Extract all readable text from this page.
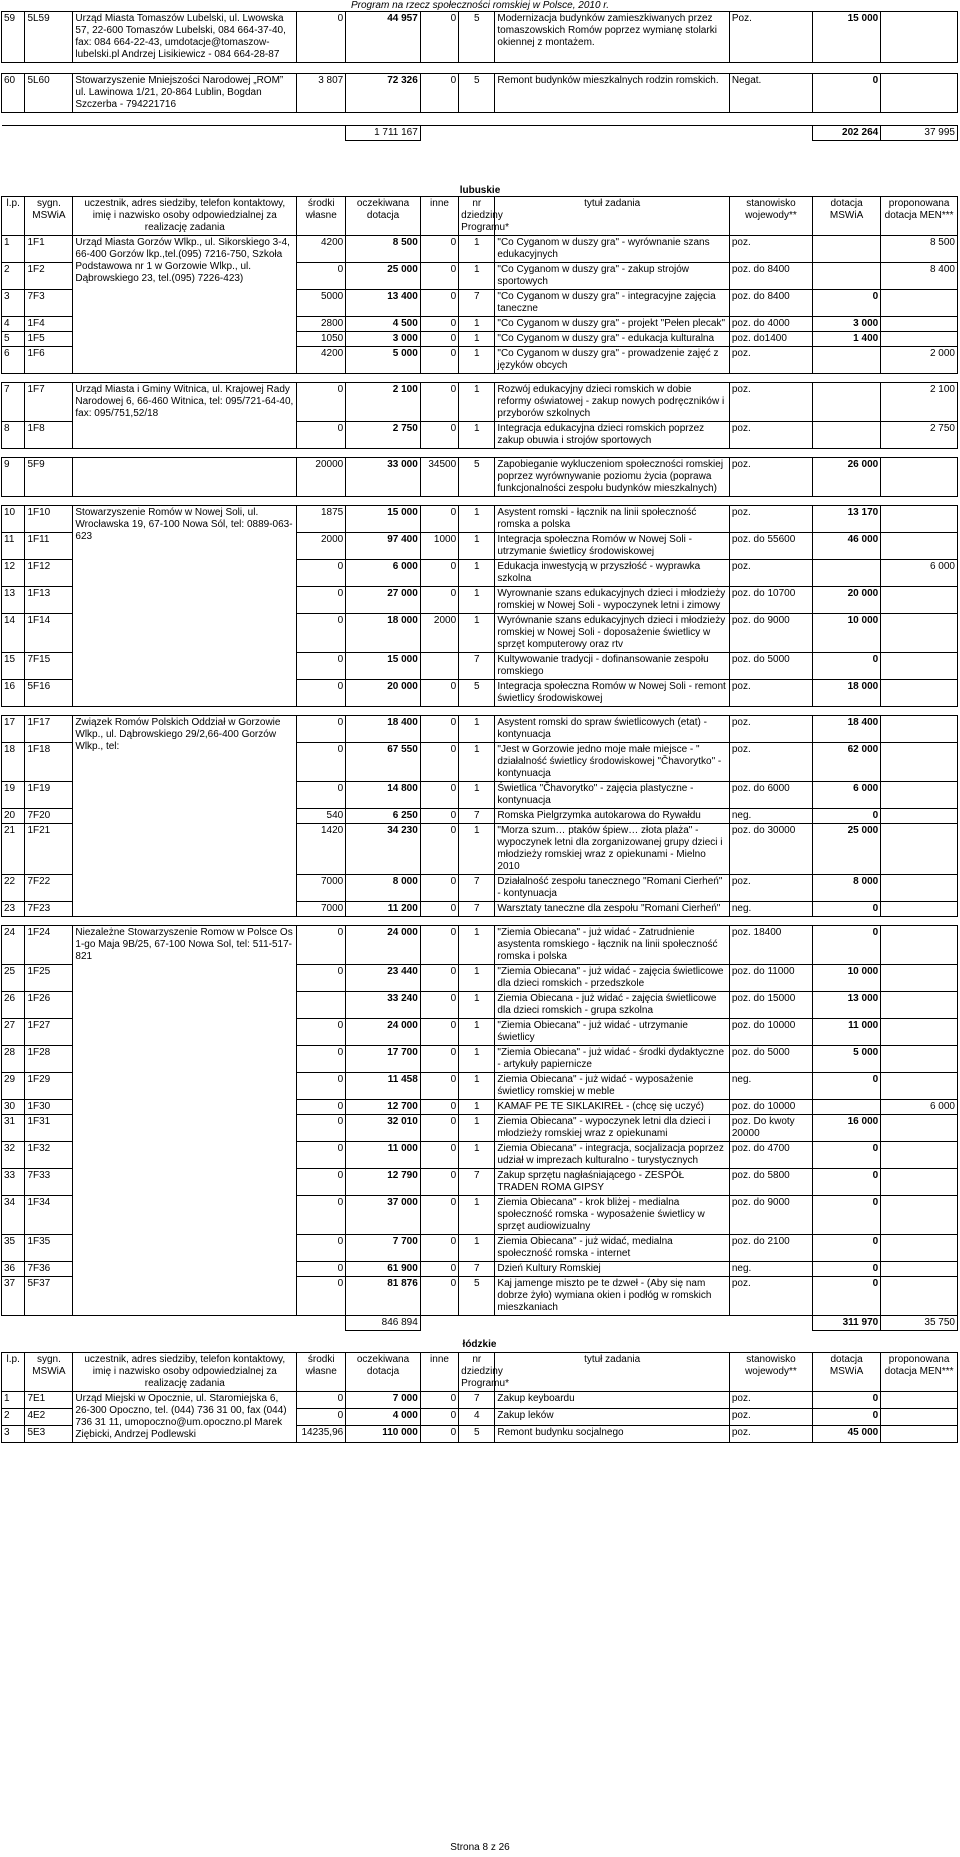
Program na rzecz społeczności romskiej w Polsce, 2010 r.
59	5L59	Urząd Miasta Tomaszów Lubelski, ul. Lwowska 57, 22-600 Tomaszów Lubelski, 084 664-37-40, fax: 084 664-22-43, umdotacje@tomaszow-lubelski.pl Andrzej Lisikiewicz - 084 664-28-87	0	44 957	0	5	Modernizacja budynków zamieszkiwanych przez tomaszowskich Romów poprzez wymianę stolarki okiennej z montażem.	Poz.	15 000	

60	5L60	Stowarzyszenie Mniejszości Narodowej „ROM” ul. Lawinowa 1/21, 20-864 Lublin, Bogdan Szczerba - 794221716	3 807	72 326	0	5	Remont budynków mieszkalnych rodzin romskich.	Negat.	0	

				1 711 167					202 264	37 995
lubuskie
l.p.	sygn. MSWiA	uczestnik, adres siedziby, telefon kontaktowy, imię i nazwisko osoby odpowiedzialnej za realizację zadania	środki własne	oczekiwana dotacja	inne	nr dziedziny Programu*	tytuł zadania	stanowisko wojewody**	dotacja MSWiA	proponowana dotacja MEN***
1	1F1	Urząd Miasta Gorzów Wlkp., ul. Sikorskiego 3-4, 66-400 Gorzów lkp.,tel.(095) 7216-750, Szkoła Podstawowa nr 1 w Gorzowie Wlkp., ul. Dąbrowskiego 23, tel.(095) 7226-423)	4200	8 500	0	1	"Co Cyganom w duszy gra" - wyrównanie szans edukacyjnych	poz.		8 500
2	1F2		0	25 000	0	1	"Co Cyganom w duszy gra" - zakup strojów sportowych	poz. do 8400		8 400
3	7F3		5000	13 400	0	7	"Co Cyganom w duszy gra" - integracyjne zajęcia taneczne	poz. do 8400	0	
4	1F4		2800	4 500	0	1	"Co Cyganom w duszy gra" - projekt "Pełen plecak"	poz. do 4000	3 000	
5	1F5		1050	3 000	0	1	"Co Cyganom w duszy gra" - edukacja kulturalna	poz. do1400	1 400	
6	1F6		4200	5 000	0	1	"Co Cyganom w duszy gra" - prowadzenie zajęć z języków obcych	poz.		2 000

7	1F7	Urząd Miasta i Gminy Witnica, ul. Krajowej Rady Narodowej 6, 66-460 Witnica, tel: 095/721-64-40, fax: 095/751,52/18	0	2 100	0	1	Rozwój edukacyjny dzieci romskich w dobie reformy oświatowej - zakup nowych podręczników i przyborów szkolnych	poz.		2 100
8	1F8		0	2 750	0	1	Integracja edukacyjna dzieci romskich poprzez zakup obuwia i strojów sportowych	poz.		2 750

9	5F9		20000	33 000	34500	5	Zapobieganie wykluczeniom społeczności romskiej poprzez wyrównywanie poziomu życia (poprawa funkcjonalności zespołu budynków mieszkalnych)	poz.	26 000	

10	1F10	Stowarzyszenie Romów w Nowej Soli, ul. Wrocławska 19, 67-100 Nowa Sól, tel: 0889-063-623	1875	15 000	0	1	Asystent romski - łącznik na linii społeczność romska a polska	poz.	13 170	
11	1F11		2000	97 400	1000	1	Integracja społeczna Romów w Nowej Soli - utrzymanie świetlicy środowiskowej	poz. do 55600	46 000	
12	1F12		0	6 000	0	1	Edukacja inwestycją w przyszłość - wyprawka szkolna	poz.		6 000
13	1F13		0	27 000	0	1	Wyrownanie szans edukacyjnych dzieci i młodzieży romskiej w Nowej Soli - wypoczynek letni i zimowy	poz. do 10700	20 000	
14	1F14		0	18 000	2000	1	Wyrównanie szans edukacyjnych dzieci i młodzieży romskiej w Nowej Soli - doposażenie świetlicy w sprzęt komputerowy oraz rtv	poz. do 9000	10 000	
15	7F15		0	15 000		7	Kultywowanie tradycji - dofinansowanie zespołu romskiego	poz. do 5000	0	
16	5F16		0	20 000	0	5	Integracja społeczna Romów w Nowej Soli - remont świetlicy środowiskowej	poz.	18 000	

17	1F17	Związek Romów Polskich Oddział w Gorzowie Wlkp., ul. Dąbrowskiego 29/2,66-400 Gorzów Wlkp., tel:	0	18 400	0	1	Asystent romski do spraw świetlicowych (etat) - kontynuacja	poz.	18 400	
18	1F18		0	67 550	0	1	"Jest w Gorzowie jedno moje małe miejsce - " działalność świetlicy środowiskowej "Čhavorytko" - kontynuacja	poz.	62 000	
19	1F19		0	14 800	0	1	Świetlica "Čhavorytko" - zajęcia plastyczne - kontynuacja	poz. do 6000	6 000	
20	7F20		540	6 250	0	7	Romska Pielgrzymka autokarowa do Rywałdu	neg.	0	
21	1F21		1420	34 230	0	1	"Morza szum… ptaków śpiew… złota plaża" - wypoczynek letni dla zorganizowanej grupy dzieci i młodzieży romskiej wraz z opiekunami - Mielno 2010	poz. do 30000	25 000	
22	7F22		7000	8 000	0	7	Działalność zespołu tanecznego "Romani Cierheń" - kontynuacja	poz.	8 000	
23	7F23		7000	11 200	0	7	Warsztaty taneczne dla zespołu "Romani Cierheń"	neg.	0	

24	1F24	Niezależne Stowarzyszenie Romow w Polsce Os 1-go Maja 9B/25, 67-100 Nowa Sol, tel: 511-517-821	0	24 000	0	1	"Ziemia Obiecana" - już widać - Zatrudnienie asystenta romskiego - łącznik na linii społeczność romska i polska	poz. 18400	0	
25	1F25		0	23 440	0	1	"Ziemia Obiecana" - już widać - zajęcia świetlicowe dla dzieci romskich - przedszkole	poz. do 11000	10 000	
26	1F26			33 240	0	1	Ziemia Obiecana - już widać - zajęcia świetlicowe dla dzieci romskich - grupa szkolna	poz. do 15000	13 000	
27	1F27		0	24 000	0	1	"Ziemia Obiecana" - już widać - utrzymanie świetlicy	poz. do 10000	11 000	
28	1F28		0	17 700	0	1	"Ziemia Obiecana" - już widać - środki dydaktyczne - artykuły papiernicze	poz. do 5000	5 000	
29	1F29		0	11 458	0	1	Ziemia Obiecana" - już widać - wyposażenie świetlicy romskiej w meble	neg.	0	
30	1F30		0	12 700	0	1	KAMAF PE TE SIKLAKIREŁ - (chcę się uczyć)	poz. do 10000		6 000
31	1F31		0	32 010	0	1	Ziemia Obiecana" - wypoczynek letni dla dzieci i młodzieży romskiej wraz z opiekunami	poz. Do kwoty 20000	16 000	
32	1F32		0	11 000	0	1	Ziemia Obiecana" - integracja, socjalizacja poprzez udział w imprezach kulturalno - turystycznych	poz. do 4700	0	
33	7F33		0	12 790	0	7	Zakup sprzętu nagłaśniającego - ZESPÓŁ TRADEN ROMA GIPSY	poz. do 5800	0	
34	1F34		0	37 000	0	1	Ziemia Obiecana" - krok bliżej - medialna społeczność romska - wyposażenie świetlicy w sprzęt audiowizualny	poz. do 9000	0	
35	1F35		0	7 700	0	1	Ziemia Obiecana" - już widać, medialna społeczność romska - internet	poz. do 2100	0	
36	7F36		0	61 900	0	7	Dzień Kultury Romskiej	neg.	0	
37	5F37		0	81 876	0	5	Kaj jamenge miszto pe te dzweł - (Aby się nam dobrze żyło) wymiana okien i podłóg w romskich mieszkaniach	poz.	0	
				846 894					311 970	35 750
łódzkie										
l.p.	sygn. MSWiA	uczestnik, adres siedziby, telefon kontaktowy, imię i nazwisko osoby odpowiedzialnej za realizację zadania	środki własne	oczekiwana dotacja	inne	nr dziedziny Programu*	tytuł zadania	stanowisko wojewody**	dotacja MSWiA	proponowana dotacja MEN***
1	7E1	Urząd Miejski w Opocznie, ul. Staromiejska 6, 26-300 Opoczno, tel. (044) 736 31 00, fax (044) 736 31 11, umopoczno@um.opoczno.pl Marek Ziębicki, Andrzej Podlewski	0	7 000	0	7	Zakup keyboardu	poz.	0	
2	4E2		0	4 000	0	4	Zakup leków	poz.	0	
3	5E3		14235,96	110 000	0	5	Remont budynku socjalnego	poz.	45 000	
Strona 8 z 26
